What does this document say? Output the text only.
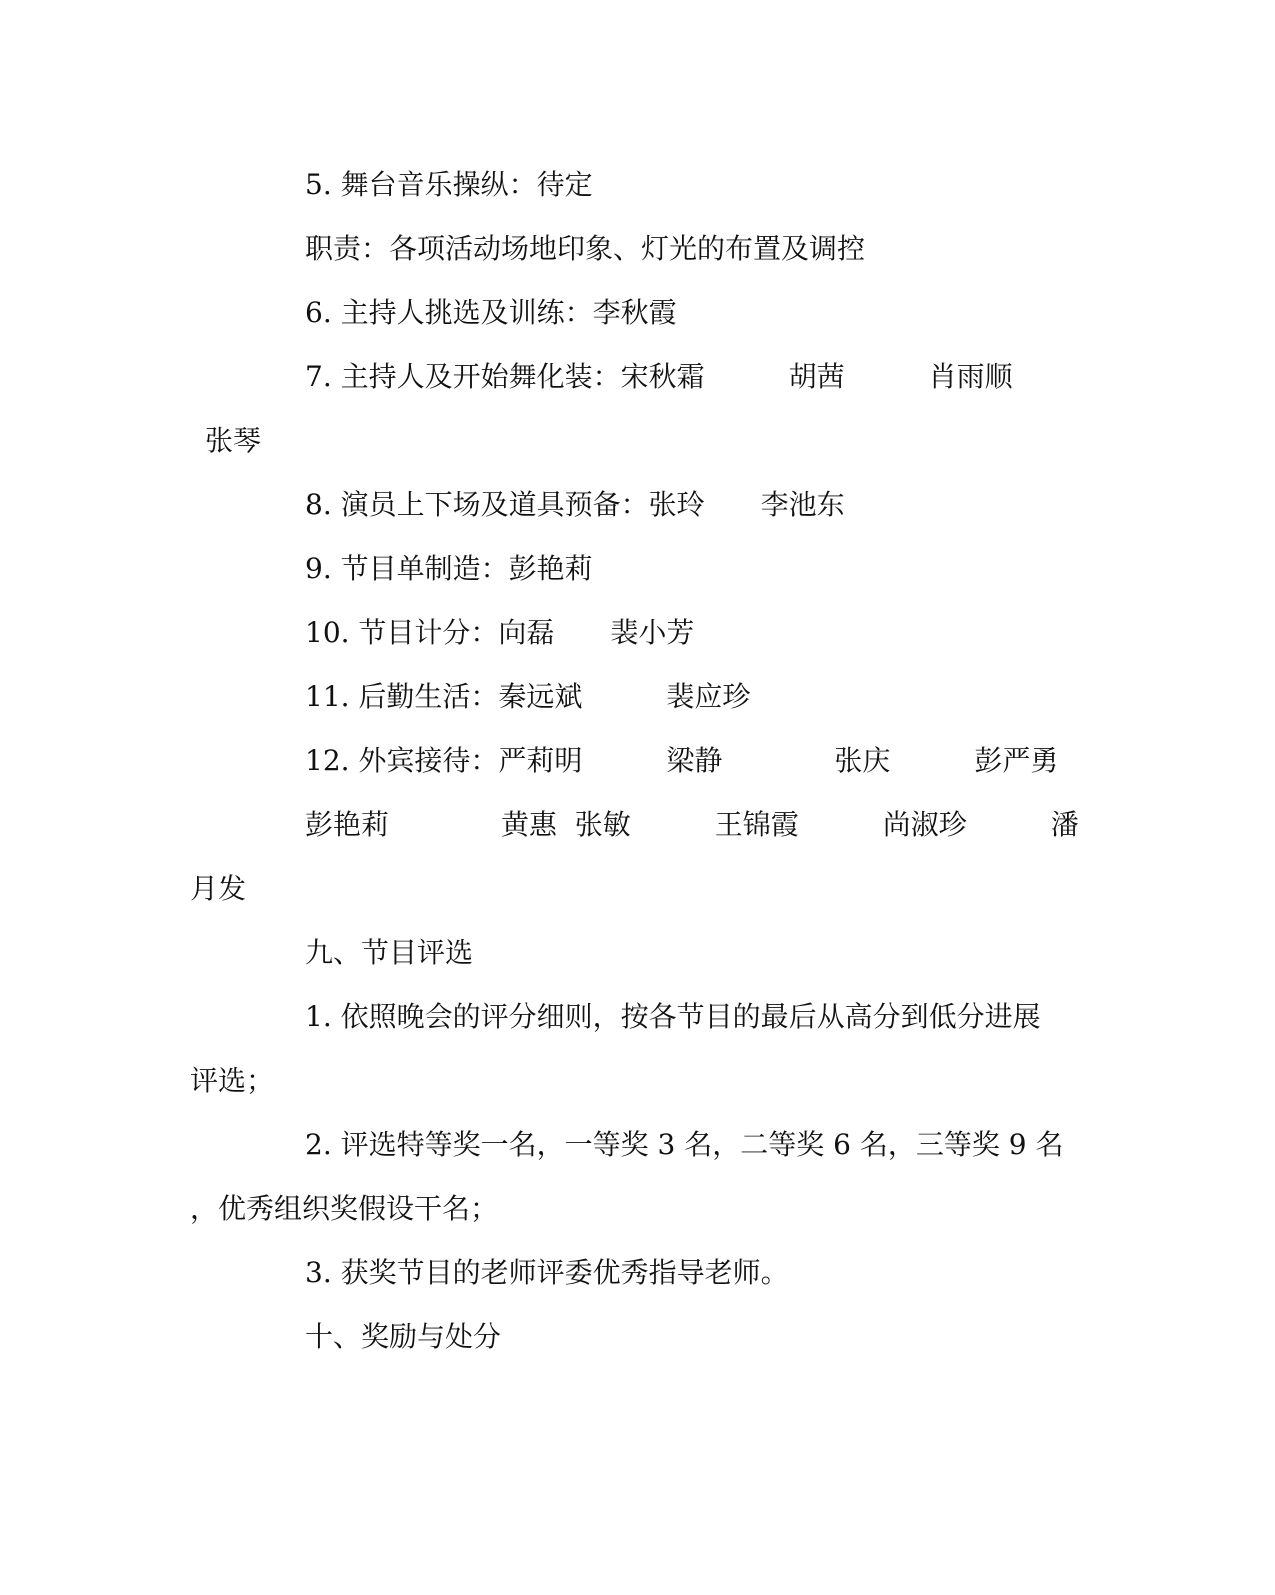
5. 舞台音乐操纵：待定

职责：各项活动场地印象、灯光的布置及调控

6. 主持人挑选及训练：李秋霞

7. 主持人及开始舞化装：宋秋霜　　　胡茜　　　肖雨顺

张琴

8. 演员上下场及道具预备：张玲　　李池东

9. 节目单制造：彭艳莉

10. 节目计分：向磊　　裴小芳

11. 后勤生活：秦远斌　　　裴应珍

12. 外宾接待：严莉明　　　梁静　　　　张庆　　　彭严勇

彭艳莉　　　　黄惠  张敏　　　王锦霞　　　尚淑珍　　　潘

月发

九、节目评选

1. 依照晚会的评分细则，按各节目的最后从高分到低分进展

评选；

2. 评选特等奖一名，一等奖 3 名，二等奖 6 名，三等奖 9 名

，优秀组织奖假设干名；

3. 获奖节目的老师评委优秀指导老师。

十、奖励与处分
